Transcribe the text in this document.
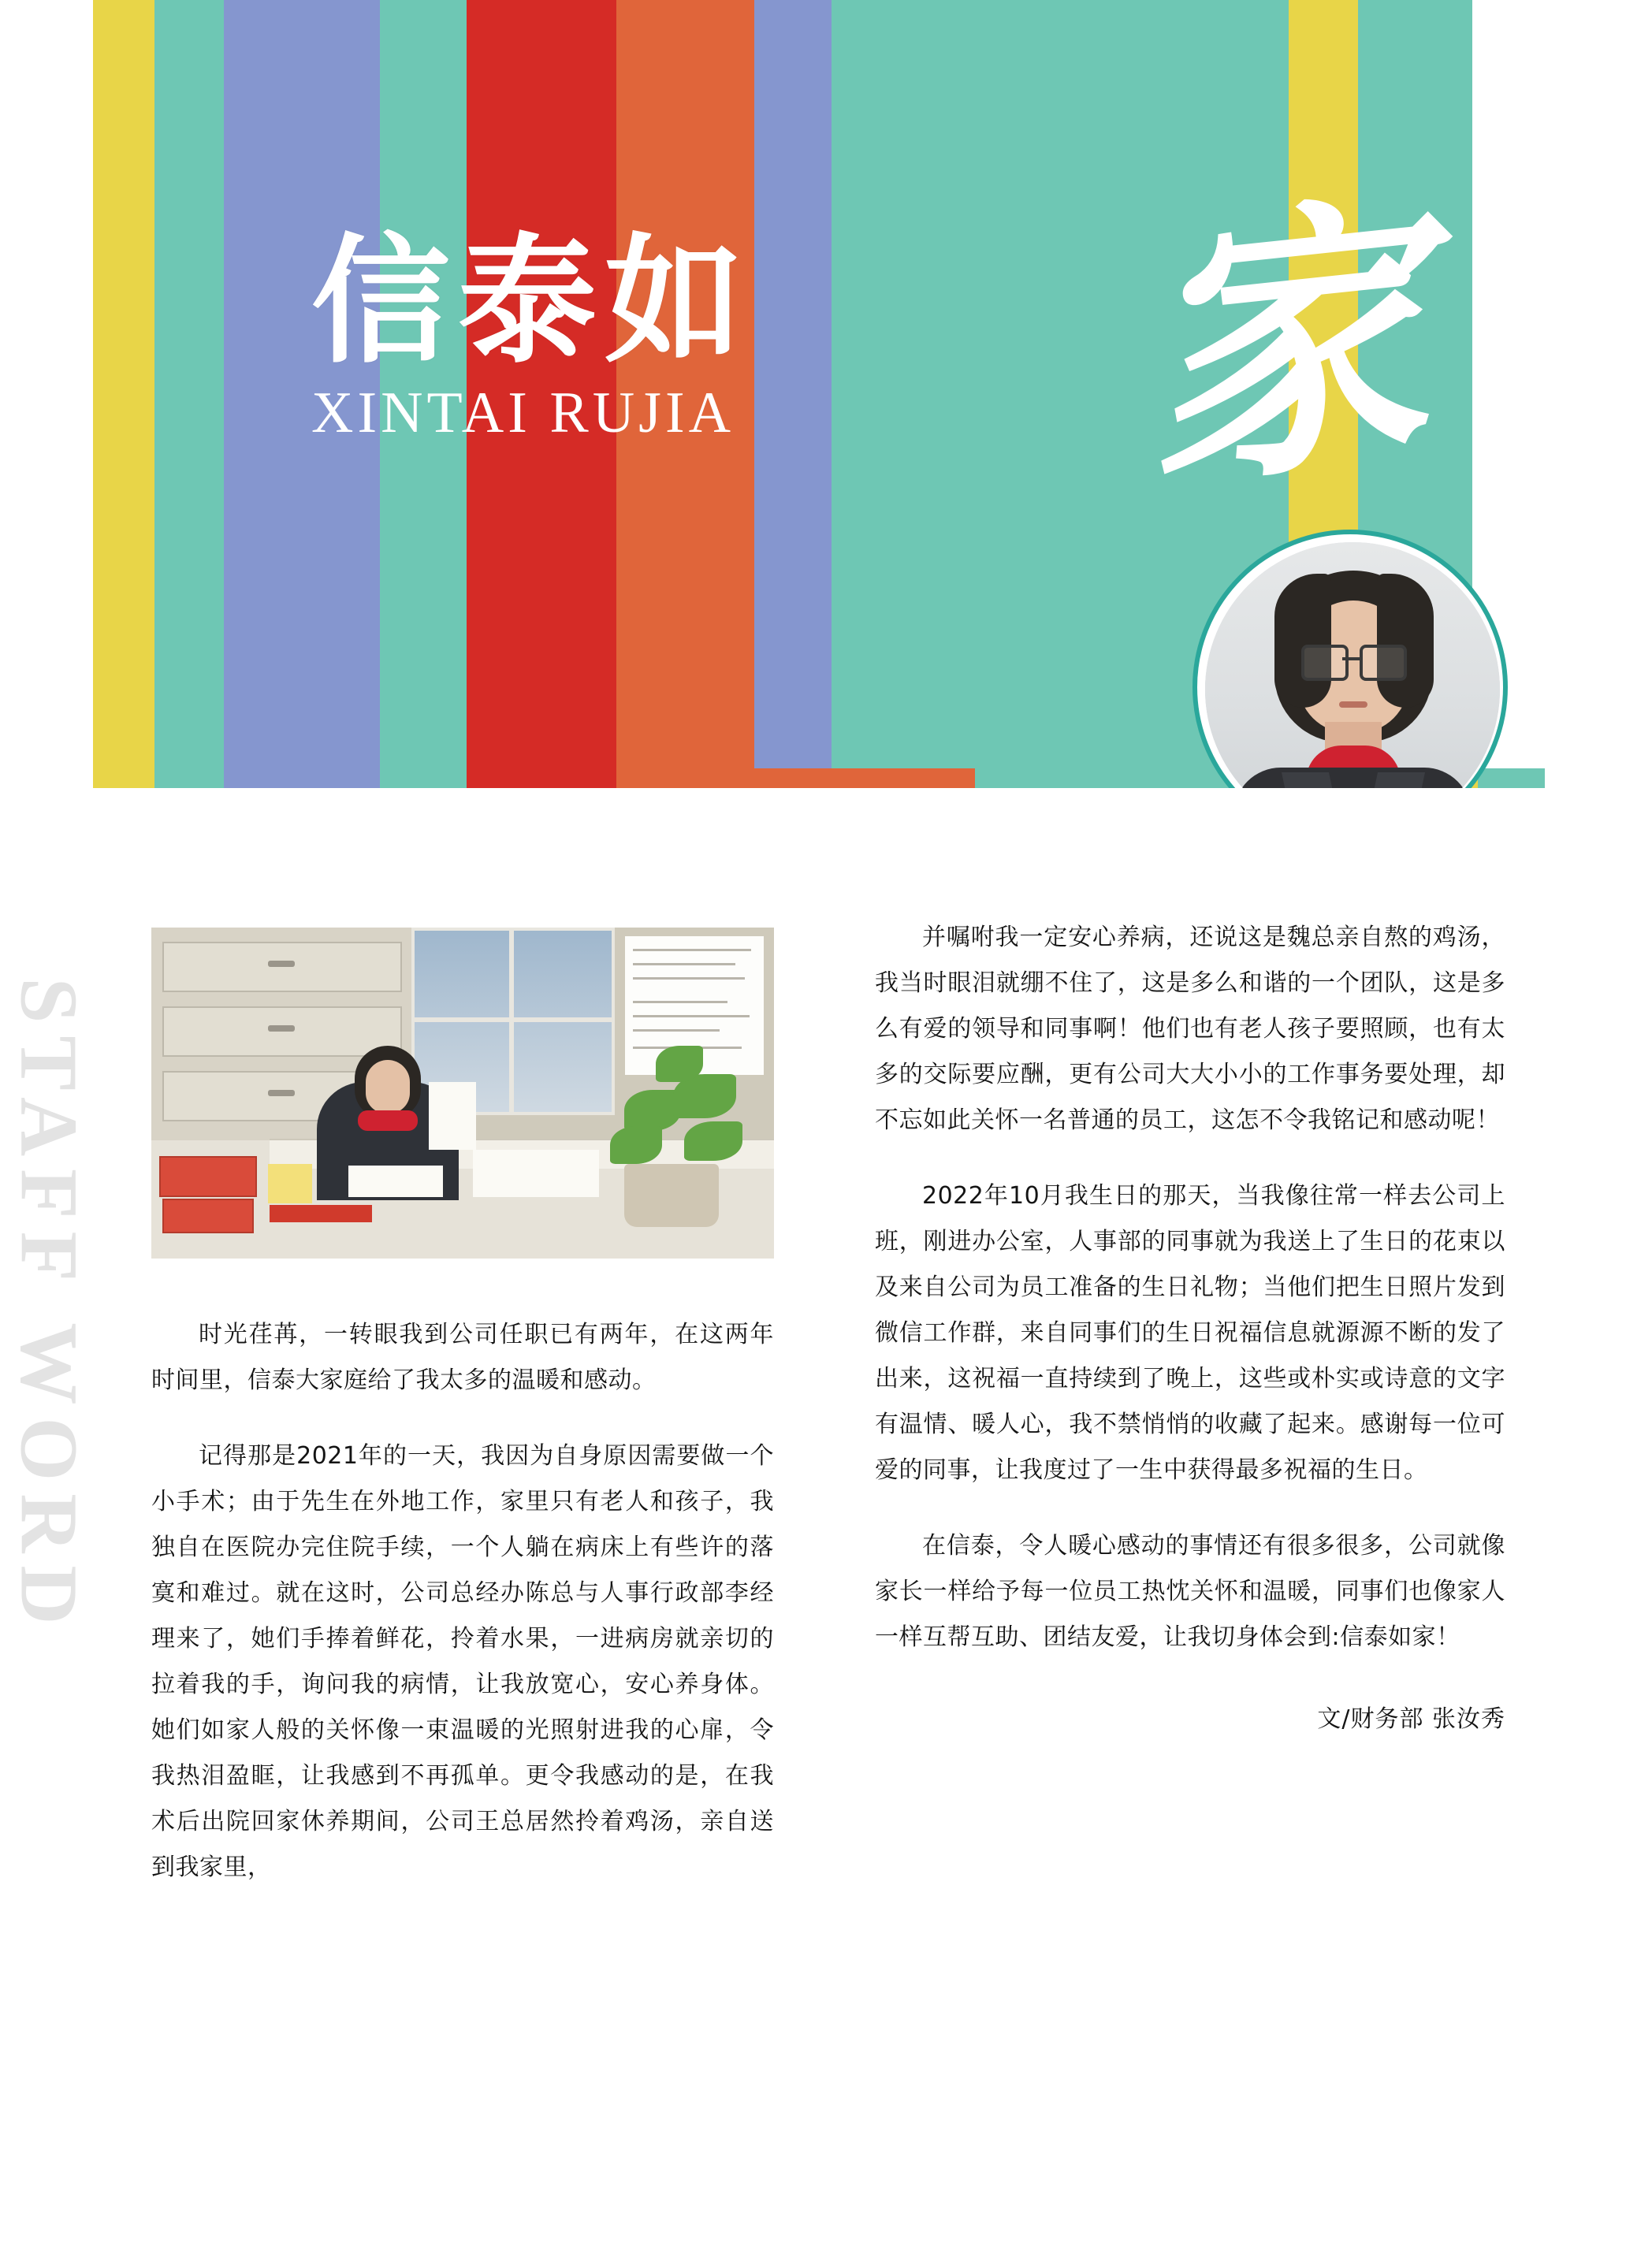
信泰如
XINTAI RUJIA	家
STAFF WORD	时光荏苒，一转眼我到公司任职已有两年，在这两年时间里，信泰大家庭给了我太多的温暖和感动。

记得那是2021年的一天，我因为自身原因需要做一个小手术；由于先生在外地工作，家里只有老人和孩子，我独自在医院办完住院手续，一个人躺在病床上有些许的落寞和难过。就在这时，公司总经办陈总与人事行政部李经理来了，她们手捧着鲜花，拎着水果，一进病房就亲切的拉着我的手，询问我的病情，让我放宽心，安心养身体。她们如家人般的关怀像一束温暖的光照射进我的心扉，令我热泪盈眶，让我感到不再孤单。更令我感动的是，在我术后出院回家休养期间，公司王总居然拎着鸡汤，亲自送到我家里，

并嘱咐我一定安心养病，还说这是魏总亲自熬的鸡汤，我当时眼泪就绷不住了，这是多么和谐的一个团队，这是多么有爱的领导和同事啊！他们也有老人孩子要照顾，也有太多的交际要应酬，更有公司大大小小的工作事务要处理，却不忘如此关怀一名普通的员工，这怎不令我铭记和感动呢！

2022年10月我生日的那天，当我像往常一样去公司上班，刚进办公室，人事部的同事就为我送上了生日的花束以及来自公司为员工准备的生日礼物；当他们把生日照片发到微信工作群，来自同事们的生日祝福信息就源源不断的发了出来，这祝福一直持续到了晚上，这些或朴实或诗意的文字有温情、暖人心，我不禁悄悄的收藏了起来。感谢每一位可爱的同事，让我度过了一生中获得最多祝福的生日。

在信泰，令人暖心感动的事情还有很多很多，公司就像家长一样给予每一位员工热忱关怀和温暖，同事们也像家人一样互帮互助、团结友爱，让我切身体会到:信泰如家！

文/财务部 张汝秀
